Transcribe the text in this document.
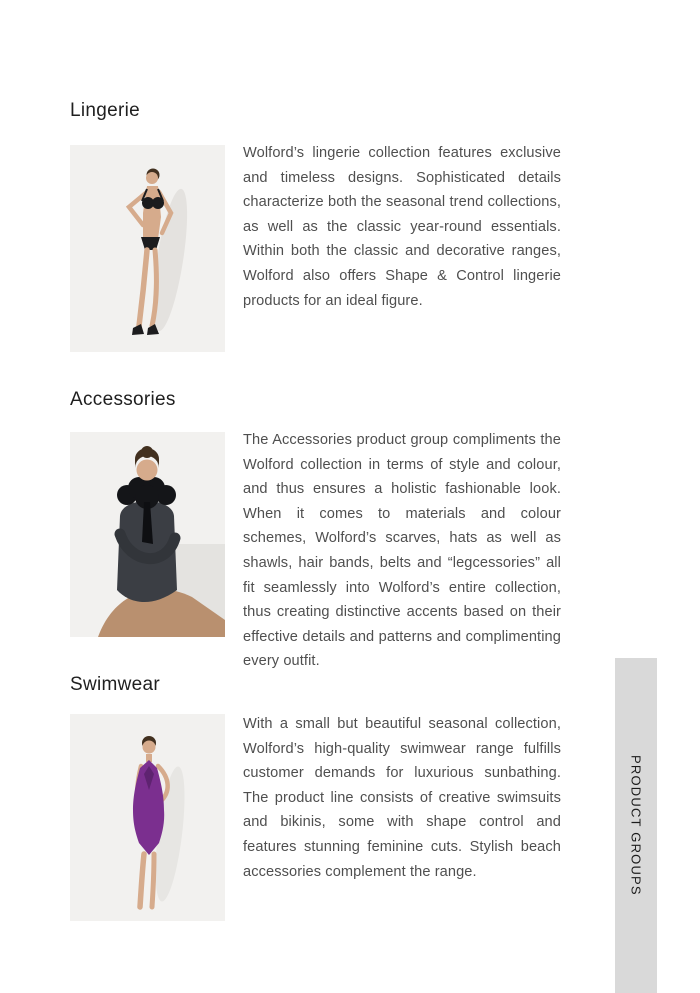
Lingerie
Wolford’s lingerie collection features exclusive and timeless designs. Sophisticated details characterize both the seasonal trend collections, as well as the classic year-round essentials. Within both the classic and decorative ranges, Wolford also offers Shape & Control lingerie products for an ideal figure.
Accessories
The Accessories product group compliments the Wolford collection in terms of style and colour, and thus ensures a holistic fashionable look. When it comes to materials and colour schemes, Wolford’s scarves, hats as well as shawls, hair bands, belts and “legcessories” all fit seamlessly into Wolford’s entire collection, thus creating distinctive accents based on their effective details and patterns and complimenting every outfit.
Swimwear
With a small but beautiful seasonal collection, Wolford’s high-quality swimwear range fulfills customer demands for luxurious sunbathing. The product line consists of creative swimsuits and bikinis, some with shape control and features stunning feminine cuts. Stylish beach accessories complement the range.	PRODUCT GROUPS
